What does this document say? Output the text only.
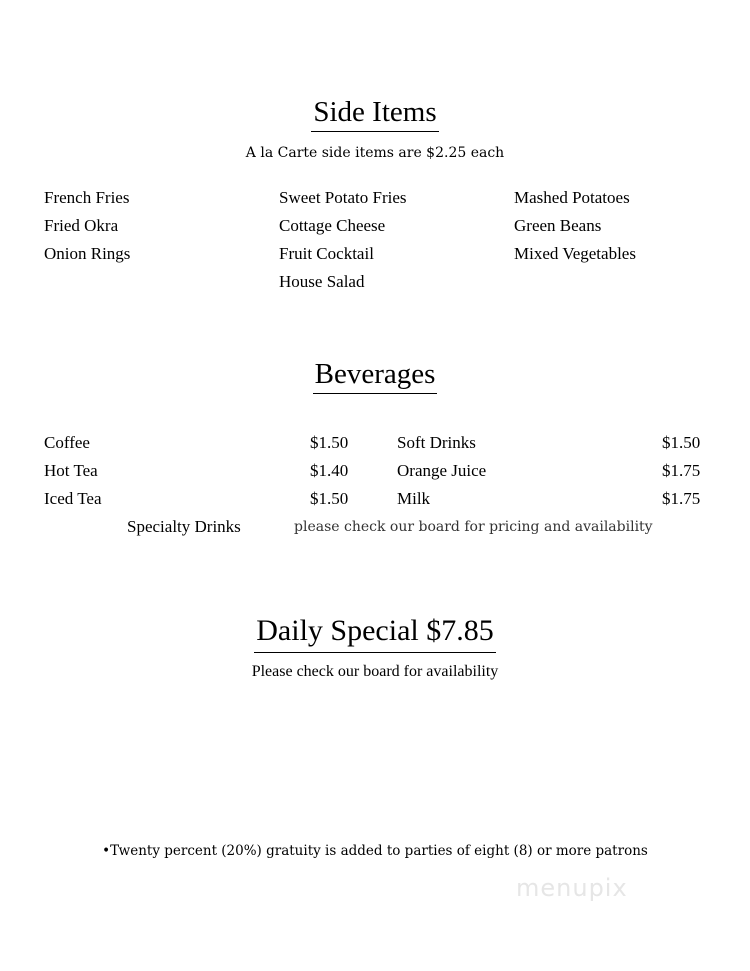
Side Items
A la Carte side items are $2.25 each
French Fries
Fried Okra
Onion Rings
Sweet Potato Fries
Cottage Cheese
Fruit Cocktail
House Salad
Mashed Potatoes
Green Beans
Mixed Vegetables
Beverages
Coffee	$1.50
Hot Tea	$1.40
Iced Tea	$1.50
Soft Drinks	$1.50
Orange Juice	$1.75
Milk	$1.75
Specialty Drinks	please check our board for pricing and availability
Daily Special $7.85
Please check our board for availability
•Twenty percent (20%) gratuity is added to parties of eight (8) or more patrons
menupix
